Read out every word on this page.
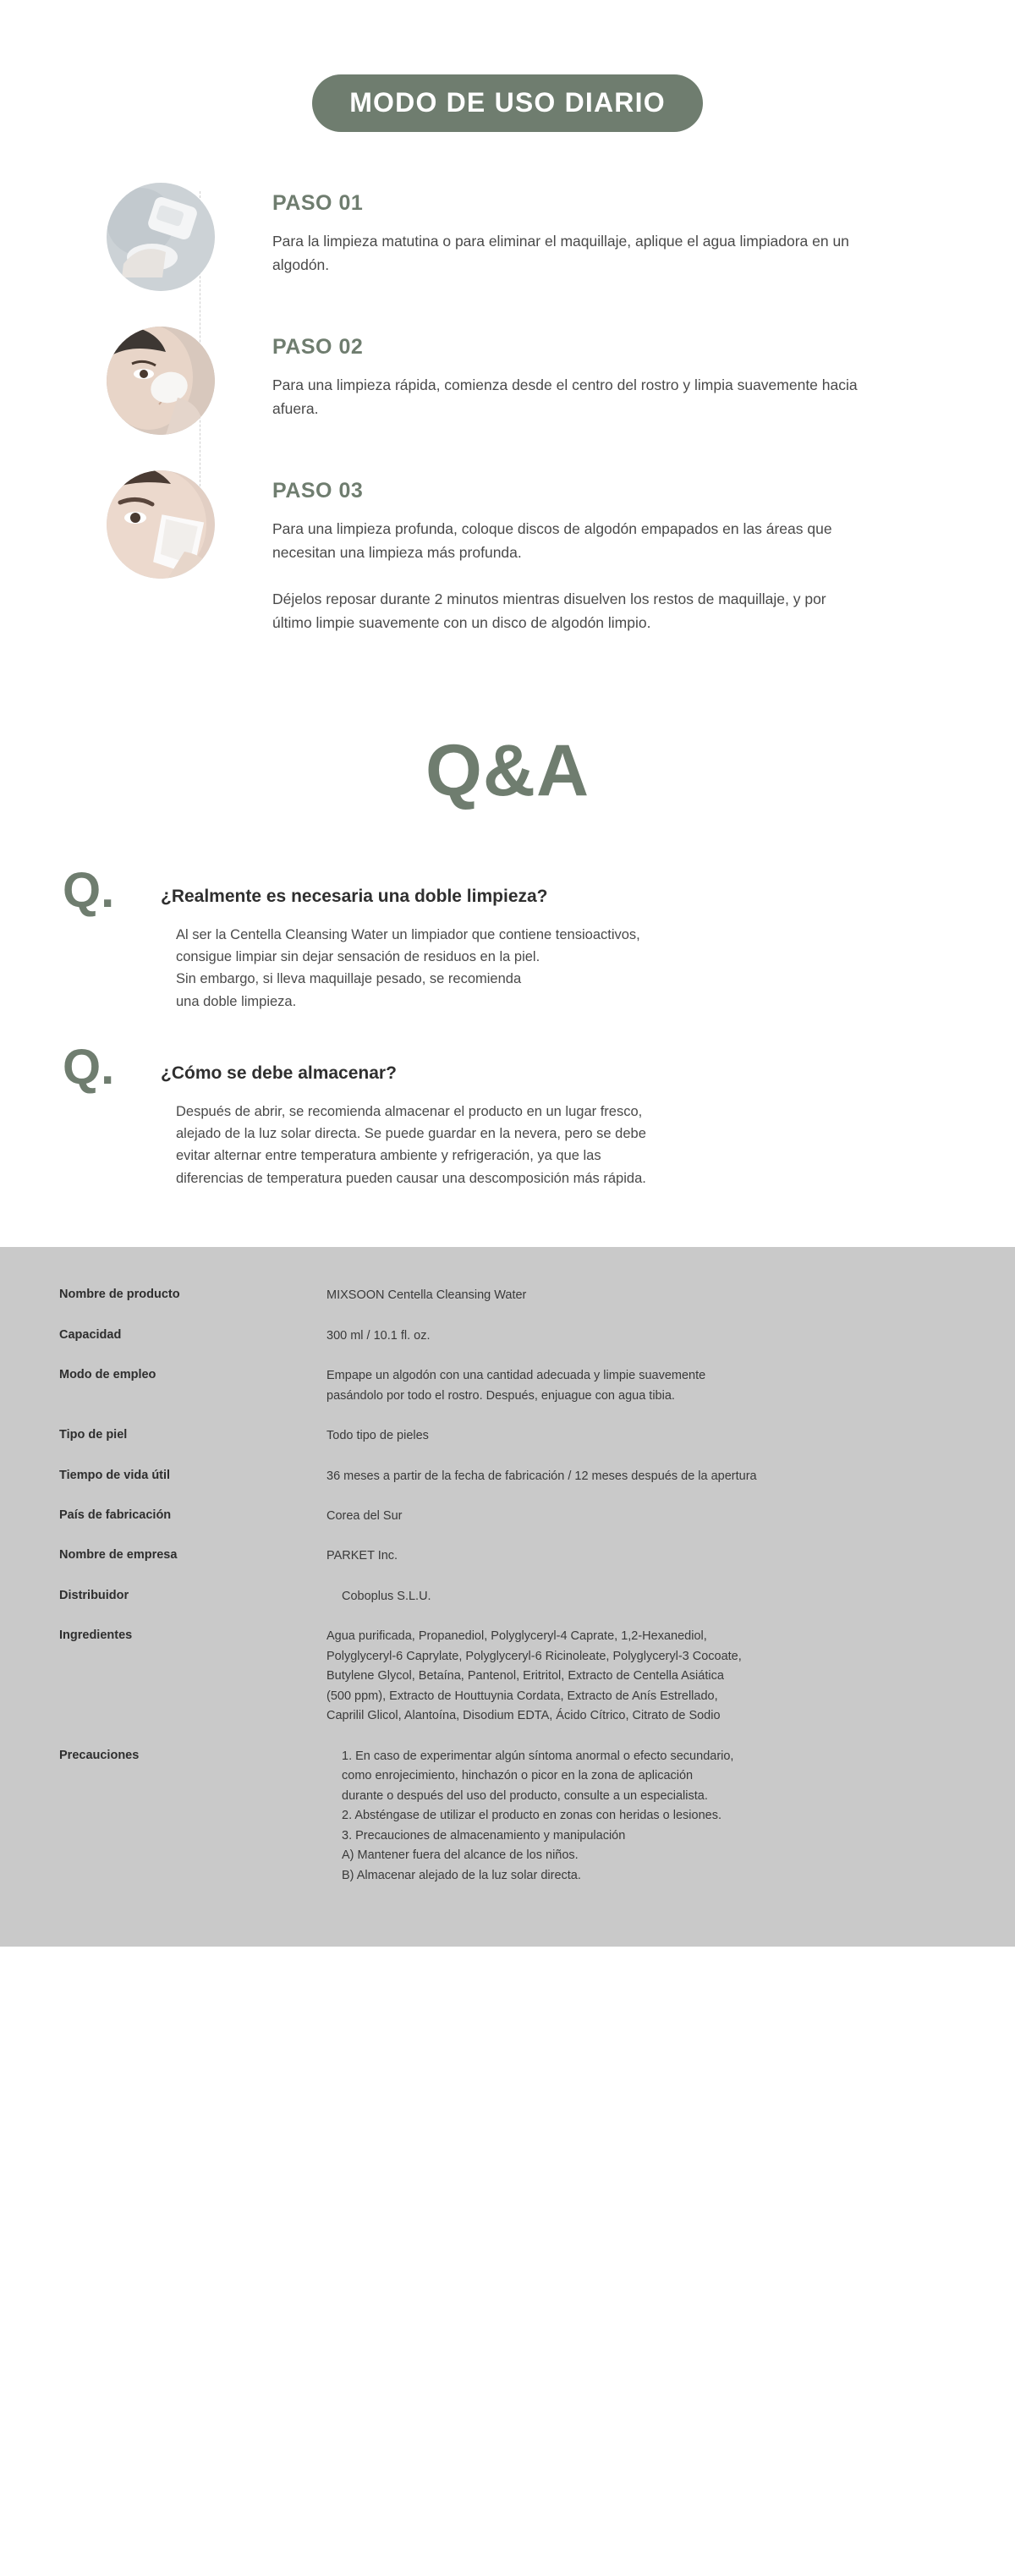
MODO DE USO DIARIO
PASO 01

Para la limpieza matutina o para eliminar el maquillaje, aplique el agua limpiadora en un algodón.

PASO 02

Para una limpieza rápida, comienza desde el centro del rostro y limpia suavemente hacia afuera.

PASO 03

Para una limpieza profunda, coloque discos de algodón empapados en las áreas que necesitan una limpieza más profunda.

Déjelos reposar durante 2 minutos mientras disuelven los restos de maquillaje, y por último limpie suavemente con un disco de algodón limpio.

Q&A
Q.	¿Realmente es necesaria una doble limpieza?
Al ser la Centella Cleansing Water un limpiador que contiene tensioactivos,
consigue limpiar sin dejar sensación de residuos en la piel.
Sin embargo, si lleva maquillaje pesado, se recomienda
una doble limpieza.
Q.	¿Cómo se debe almacenar?
Después de abrir, se recomienda almacenar el producto en un lugar fresco,
alejado de la luz solar directa. Se puede guardar en la nevera, pero se debe
evitar alternar entre temperatura ambiente y refrigeración, ya que las
diferencias de temperatura pueden causar una descomposición más rápida.
Nombre de producto	MIXSOON Centella Cleansing Water
Capacidad	300 ml / 10.1 fl. oz.
Modo de empleo	Empape un algodón con una cantidad adecuada y limpie suavemente
pasándolo por todo el rostro. Después, enjuague con agua tibia.
Tipo de piel	Todo tipo de pieles
Tiempo de vida útil	36 meses a partir de la fecha de fabricación / 12 meses después de la apertura
País de fabricación	Corea del Sur
Nombre de empresa	PARKET Inc.
Distribuidor	Coboplus S.L.U.
Ingredientes	Agua purificada, Propanediol, Polyglyceryl-4 Caprate, 1,2-Hexanediol,
Polyglyceryl-6 Caprylate, Polyglyceryl-6 Ricinoleate, Polyglyceryl-3 Cocoate,
Butylene Glycol, Betaína, Pantenol, Eritritol, Extracto de Centella Asiática
(500 ppm), Extracto de Houttuynia Cordata, Extracto de Anís Estrellado,
Caprilil Glicol, Alantoína, Disodium EDTA, Ácido Cítrico, Citrato de Sodio
Precauciones	1. En caso de experimentar algún síntoma anormal o efecto secundario,
como enrojecimiento, hinchazón o picor en la zona de aplicación
durante o después del uso del producto, consulte a un especialista.
2. Absténgase de utilizar el producto en zonas con heridas o lesiones.
3. Precauciones de almacenamiento y manipulación
A) Mantener fuera del alcance de los niños.
B) Almacenar alejado de la luz solar directa.
